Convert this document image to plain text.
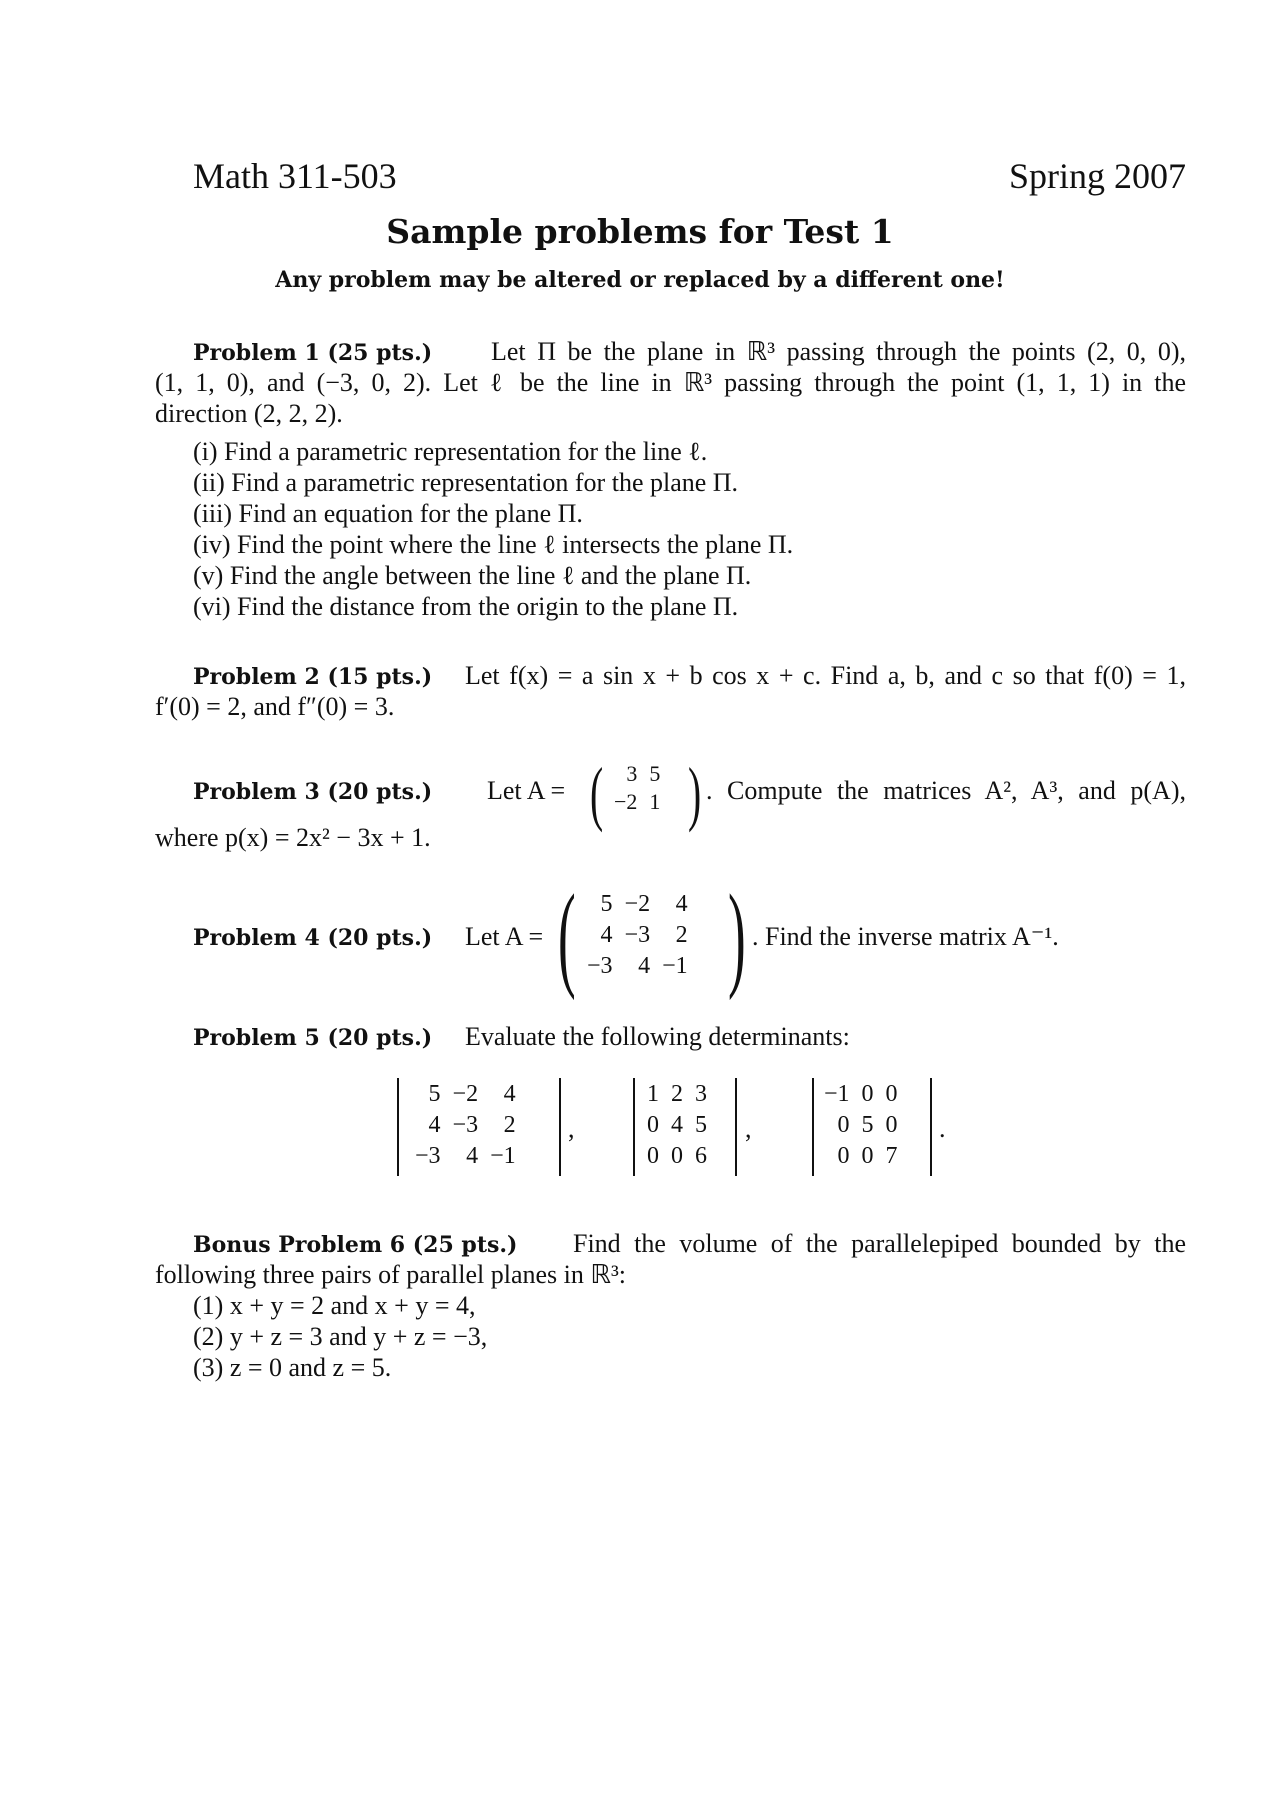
Math 311-503	Spring 2007
Sample problems for Test 1
Any problem may be altered or replaced by a different one!
Problem 1 (25 pts.) Let Π be the plane in ℝ³ passing through the points (2, 0, 0),
(1, 1, 0), and (−3, 0, 2). Let ℓ be the line in ℝ³ passing through the point (1, 1, 1) in the
direction (2, 2, 2).
(i) Find a parametric representation for the line ℓ.
(ii) Find a parametric representation for the plane Π.
(iii) Find an equation for the plane Π.
(iv) Find the point where the line ℓ intersects the plane Π.
(v) Find the angle between the line ℓ and the plane Π.
(vi) Find the distance from the origin to the plane Π.
Problem 2 (15 pts.) Let f(x) = a sin x + b cos x + c. Find a, b, and c so that f(0) = 1,
f′(0) = 2, and f″(0) = 3.
Problem 3 (20 pts.) Let A = ( 3	5
−2	1 ) . Compute the matrices A², A³, and p(A),
where p(x) = 2x² − 3x + 1.
Problem 4 (20 pts.) Let A = ( 5	−2	4
4	−3	2
−3	4	−1 ) . Find the inverse matrix A⁻¹.
Problem 5 (20 pts.) Evaluate the following determinants:
5	−2	4
4	−3	2
−3	4	−1
,
1	2	3
0	4	5
0	0	6
,
−1	0	0
0	5	0
0	0	7
.
Bonus Problem 6 (25 pts.) Find the volume of the parallelepiped bounded by the
following three pairs of parallel planes in ℝ³:
(1) x + y = 2 and x + y = 4,
(2) y + z = 3 and y + z = −3,
(3) z = 0 and z = 5.
